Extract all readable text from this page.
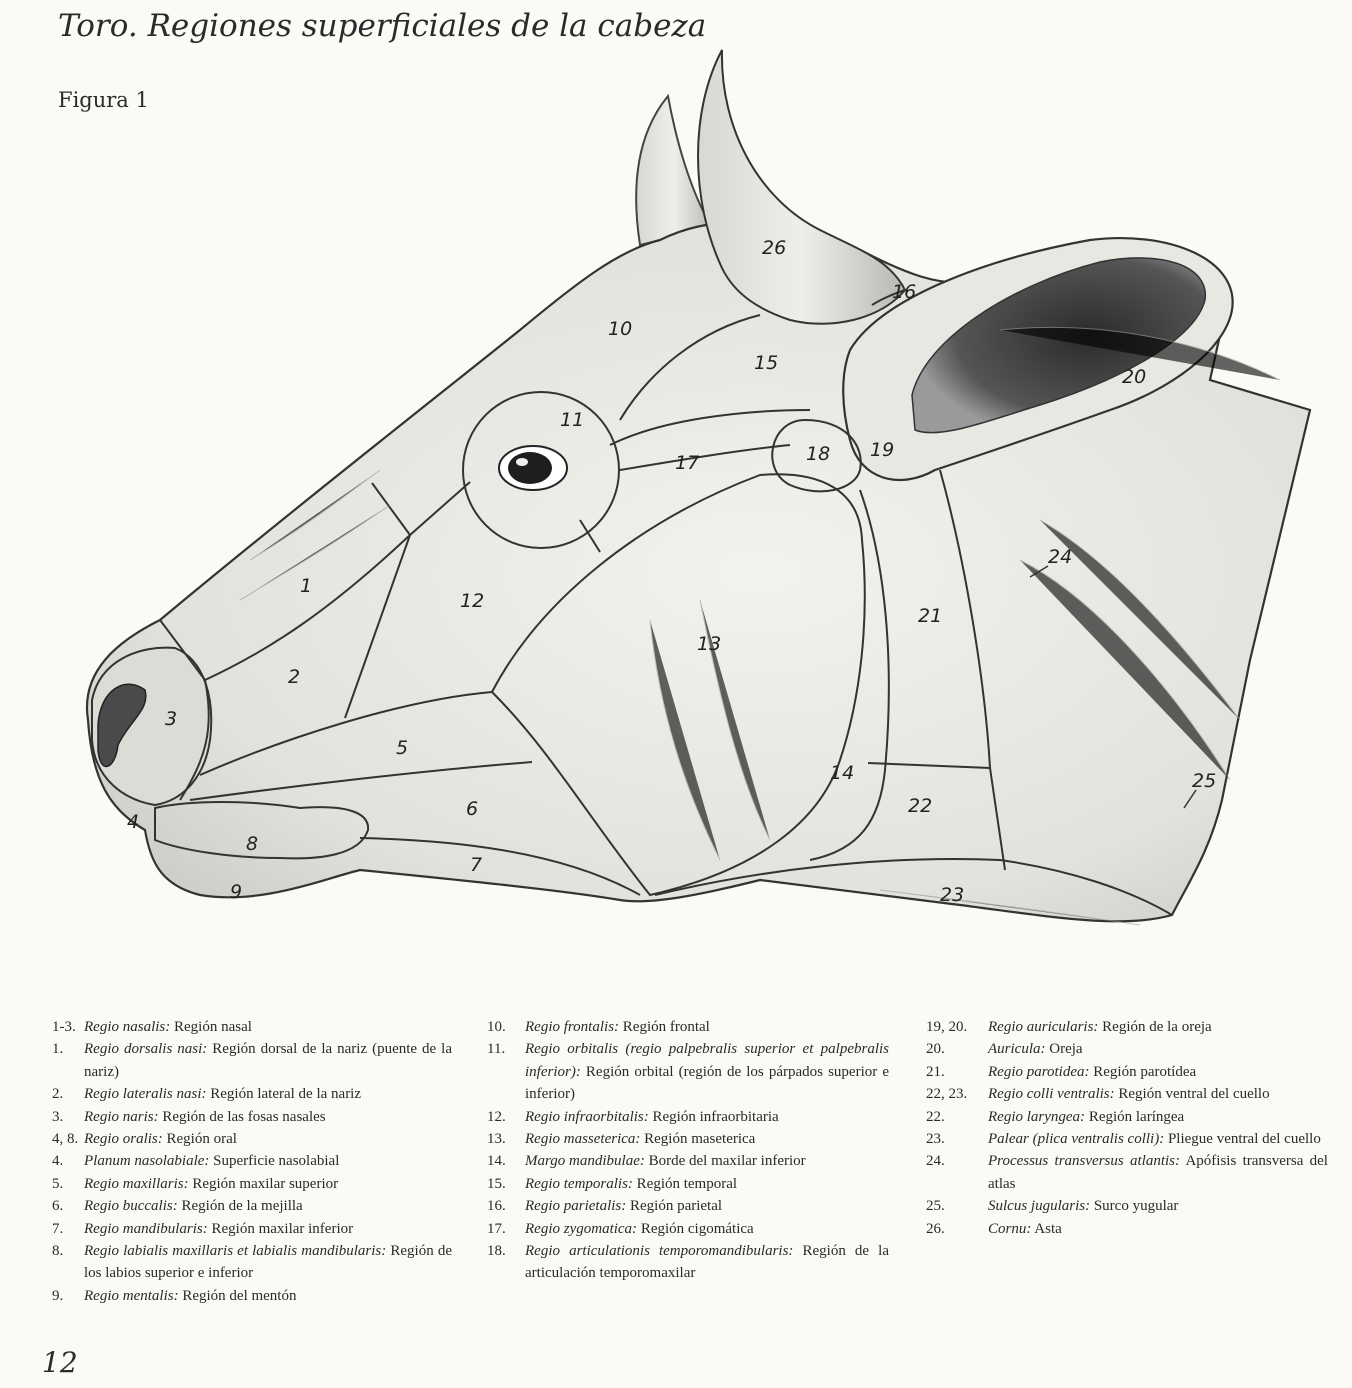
Toro. Regiones superficiales de la cabeza
Figura 1
1
2
3
4
5
6
7
8
9
10
11
12
13
14
15
16
17	18 19
20
21
22
23
24
25
26
1-3. Regio nasalis: Región nasal
1.	Regio dorsalis nasi: Región dorsal de la nariz (puente de la nariz)
2.	Regio lateralis nasi: Región lateral de la nariz
3.	Regio naris: Región de las fosas nasales
4, 8. Regio oralis: Región oral
4.	Planum nasolabiale: Superficie nasolabial
5.	Regio maxillaris: Región maxilar superior
6.	Regio buccalis: Región de la mejilla
7.	Regio mandibularis: Región maxilar inferior
8.	Regio labialis maxillaris et labialis mandibularis: Región de los labios superior e inferior
9.	Regio mentalis: Región del mentón
10.	Regio frontalis: Región frontal
11.	Regio orbitalis (regio palpebralis superior et palpebralis inferior): Región orbital (región de los párpados superior e inferior)
12.	Regio infraorbitalis: Región infraorbitaria
13.	Regio masseterica: Región maseterica
14.	Margo mandibulae: Borde del maxilar inferior
15.	Regio temporalis: Región temporal
16.	Regio parietalis: Región parietal
17.	Regio zygomatica: Región cigomática
18.	Regio articulationis temporomandibularis: Región de la articulación temporomaxilar
19, 20.	Regio auricularis: Región de la oreja
20.	Auricula: Oreja
21.	Regio parotidea: Región parotídea
22, 23.	Regio colli ventralis: Región ventral del cuello
22.	Regio laryngea: Región laríngea
23.	Palear (plica ventralis colli): Pliegue ventral del cuello
24.	Processus transversus atlantis: Apófisis transversa del atlas
25.	Sulcus jugularis: Surco yugular
26.	Cornu: Asta
12
